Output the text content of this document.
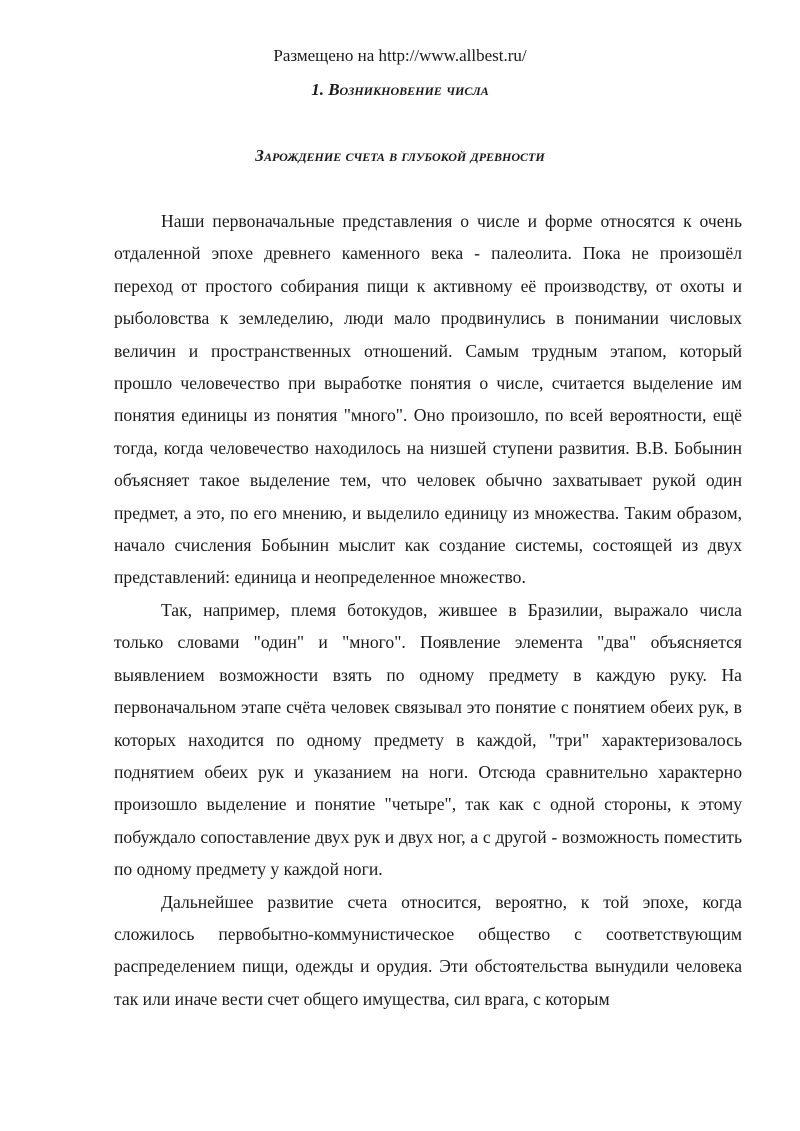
Размещено на http://www.allbest.ru/
1. Возникновение числа
Зарождение счета в глубокой древности

Наши первоначальные представления о числе и форме относятся к очень отдаленной эпохе древнего каменного века - палеолита. Пока не произошёл переход от простого собирания пищи к активному её производству, от охоты и рыболовства к земледелию, люди мало продвинулись в понимании числовых величин и пространственных отношений. Самым трудным этапом, который прошло человечество при выработке понятия о числе, считается выделение им понятия единицы из понятия "много". Оно произошло, по всей вероятности, ещё тогда, когда человечество находилось на низшей ступени развития. В.В. Бобынин объясняет такое выделение тем, что человек обычно захватывает рукой один предмет, а это, по его мнению, и выделило единицу из множества. Таким образом, начало счисления Бобынин мыслит как создание системы, состоящей из двух представлений: единица и неопределенное множество.

Так, например, племя ботокудов, жившее в Бразилии, выражало числа только словами "один" и "много". Появление элемента "два" объясняется выявлением возможности взять по одному предмету в каждую руку. На первоначальном этапе счёта человек связывал это понятие с понятием обеих рук, в которых находится по одному предмету в каждой, "три" характеризовалось поднятием обеих рук и указанием на ноги. Отсюда сравнительно характерно произошло выделение и понятие "четыре", так как с одной стороны, к этому побуждало сопоставление двух рук и двух ног, а с другой - возможность поместить по одному предмету у каждой ноги.

Дальнейшее развитие счета относится, вероятно, к той эпохе, когда сложилось первобытно-коммунистическое общество с соответствующим распределением пищи, одежды и орудия. Эти обстоятельства вынудили человека так или иначе вести счет общего имущества, сил врага, с которым
